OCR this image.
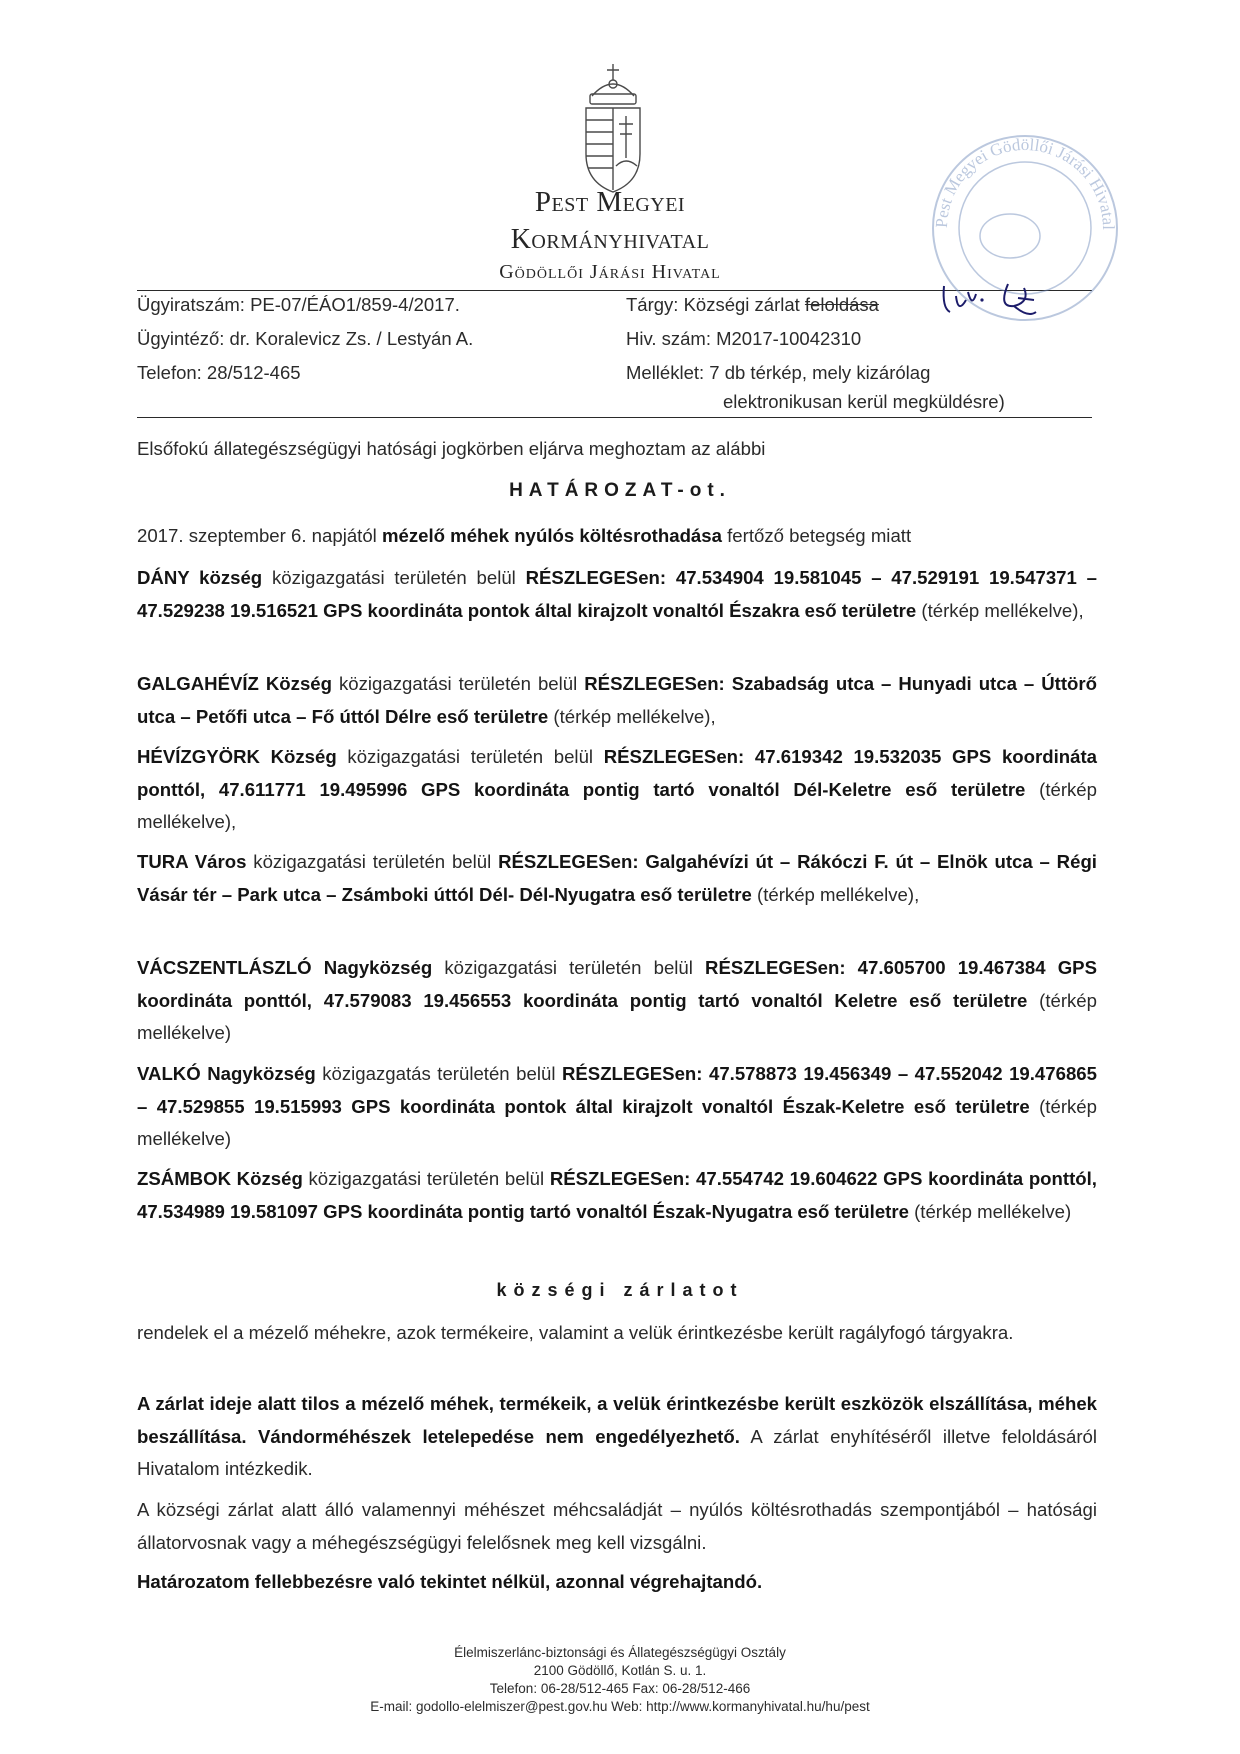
Pest Megyei
Kormányhivatal
Gödöllői Járási Hivatal
Pest Megyei Gödöllői Járási Hivatal
Ügyiratszám: PE-07/ÉÁO1/859-4/2017.
Ügyintéző: dr. Koralevicz Zs. / Lestyán A.
Telefon: 28/512-465
Tárgy: Községi zárlat feloldása
Hiv. szám: M2017-10042310
Melléklet: 7 db térkép, mely kizárólag
elektronikusan kerül megküldésre)
Elsőfokú állategészségügyi hatósági jogkörben eljárva meghoztam az alábbi
HATÁROZAT-ot.
2017. szeptember 6. napjától mézelő méhek nyúlós költésrothadása fertőző betegség miatt
DÁNY község közigazgatási területén belül RÉSZLEGESen: 47.534904 19.581045 – 47.529191 19.547371 – 47.529238 19.516521 GPS koordináta pontok által kirajzolt vonaltól Északra eső területre (térkép mellékelve),
GALGAHÉVÍZ Község közigazgatási területén belül RÉSZLEGESen: Szabadság utca – Hunyadi utca – Úttörő utca – Petőfi utca – Fő úttól Délre eső területre (térkép mellékelve),
HÉVÍZGYÖRK Község közigazgatási területén belül RÉSZLEGESen: 47.619342 19.532035 GPS koordináta ponttól, 47.611771 19.495996 GPS koordináta pontig tartó vonaltól Dél-Keletre eső területre (térkép mellékelve),
TURA Város közigazgatási területén belül RÉSZLEGESen: Galgahévízi út – Rákóczi F. út – Elnök utca – Régi Vásár tér – Park utca – Zsámboki úttól Dél- Dél-Nyugatra eső területre (térkép mellékelve),
VÁCSZENTLÁSZLÓ Nagyközség közigazgatási területén belül RÉSZLEGESen: 47.605700 19.467384 GPS koordináta ponttól, 47.579083 19.456553 koordináta pontig tartó vonaltól Keletre eső területre (térkép mellékelve)
VALKÓ Nagyközség közigazgatás területén belül RÉSZLEGESen: 47.578873 19.456349 – 47.552042 19.476865 – 47.529855 19.515993 GPS koordináta pontok által kirajzolt vonaltól Észak-Keletre eső területre (térkép mellékelve)
ZSÁMBOK Község közigazgatási területén belül RÉSZLEGESen: 47.554742 19.604622 GPS koordináta ponttól, 47.534989 19.581097 GPS koordináta pontig tartó vonaltól Észak-Nyugatra eső területre (térkép mellékelve)
községi zárlatot
rendelek el a mézelő méhekre, azok termékeire, valamint a velük érintkezésbe került ragályfogó tárgyakra.
A zárlat ideje alatt tilos a mézelő méhek, termékeik, a velük érintkezésbe került eszközök elszállítása, méhek beszállítása. Vándorméhészek letelepedése nem engedélyezhető. A zárlat enyhítéséről illetve feloldásáról Hivatalom intézkedik.
A községi zárlat alatt álló valamennyi méhészet méhcsaládját – nyúlós költésrothadás szempontjából – hatósági állatorvosnak vagy a méhegészségügyi felelősnek meg kell vizsgálni.
Határozatom fellebbezésre való tekintet nélkül, azonnal végrehajtandó.
Élelmiszerlánc-biztonsági és Állategészségügyi Osztály
2100 Gödöllő, Kotlán S. u. 1.
Telefon: 06-28/512-465 Fax: 06-28/512-466
E-mail: godollo-elelmiszer@pest.gov.hu Web: http://www.kormanyhivatal.hu/hu/pest
